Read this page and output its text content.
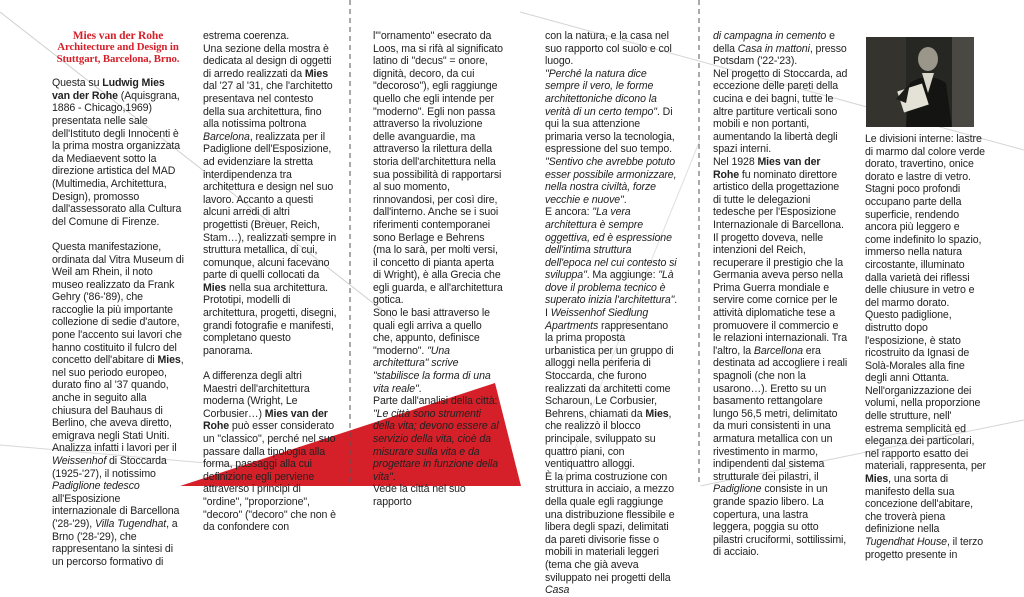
Mies van der Rohe
Architecture and Design in
Stuttgart, Barcelona, Brno.

Questa su Ludwig Mies van der Rohe (Aquisgrana, 1886 - Chicago,1969) presentata nelle sale dell'Istituto degli Innocenti è la prima mostra organizzata da Mediaevent sotto la direzione artistica del MAD (Multimedia, Architettura, Design), promosso dall'assessorato alla Cultura del Comune di Firenze.

Questa manifestazione, ordinata dal Vitra Museum di Weil am Rhein, il noto museo realizzato da Frank Gehry ('86-'89), che raccoglie la più importante collezione di sedie d'autore, pone l'accento sui lavori che hanno costituito il fulcro del concetto dell'abitare di Mies, nel suo periodo europeo, durato fino al '37 quando, anche in seguito alla chiusura del Bauhaus di Berlino, che aveva diretto, emigrava negli Stati Uniti. Analizza infatti i lavori per il Weissenhof di Stoccarda (1925-'27), il notissimo Padiglione tedesco all'Esposizione internazionale di Barcellona ('28-'29), Villa Tugendhat, a Brno ('28-'29), che rappresentano la sintesi di un percorso formativo di

estrema coerenza.

Una sezione della mostra è dedicata al design di oggetti di arredo realizzati da Mies dal '27 al '31, che l'architetto presentava nel contesto della sua architettura, fino alla notissima poltrona Barcelona, realizzata per il Padiglione dell'Esposizione, ad evidenziare la stretta interdipendenza tra architettura e design nel suo lavoro. Accanto a questi alcuni arredi di altri progettisti (Breuer, Reich, Stam…), realizzati sempre in struttura metallica, di cui, comunque, alcuni facevano parte di quelli collocati da Mies nella sua architettura.

Prototipi, modelli di architettura, progetti, disegni, grandi fotografie e manifesti, completano questo panorama.

A differenza degli altri Maestri dell'architettura moderna (Wright, Le Corbusier…) Mies van der Rohe può esser considerato un "classico", perché nel suo passare dalla tipologia alla forma, passaggi alla cui definizione egli perviene attraverso i principi di "ordine", "proporzione", "decoro" ("decoro" che non è da confondere con

l'"ornamento" esecrato da Loos, ma si rifà al significato latino di "decus" = onore, dignità, decoro, da cui "decoroso"), egli raggiunge quello che egli intende per "moderno". Egli non passa attraverso la rivoluzione delle avanguardie, ma attraverso la rilettura della storia dell'architettura nella sua possibilità di rapportarsi al suo momento, rinnovandosi, per così dire, dall'interno. Anche se i suoi riferimenti contemporanei sono Berlage e Behrens (ma lo sarà, per molti versi, il concetto di pianta aperta di Wright), è alla Grecia che egli guarda, e all'architettura gotica.

Sono le basi attraverso le quali egli arriva a quello che, appunto, definisce "moderno". "Una architettura" scrive "stabilisce la forma di una vita reale".

Parte dall'analisi della città: "Le città sono strumenti della vita; devono essere al servizio della vita, cioè da misurare sulla vita e da progettare in funzione della vita".

Vede la città nel suo rapporto

con la natura, e la casa nel suo rapporto col suolo e col luogo.

"Perché la natura dice sempre il vero, le forme architettoniche dicono la verità di un certo tempo". Di qui la sua attenzione primaria verso la tecnologia, espressione del suo tempo. "Sentivo che avrebbe potuto esser possibile armonizzare, nella nostra civiltà, forze vecchie e nuove".

E ancora: "La vera architettura è sempre oggettiva, ed è espressione dell'intima struttura dell'epoca nel cui contesto si sviluppa". Ma aggiunge: "Là dove il problema tecnico è superato inizia l'architettura".

I Weissenhof Siedlung Apartments rappresentano la prima proposta urbanistica per un gruppo di alloggi nella periferia di Stoccarda, che furono realizzati da architetti come Scharoun, Le Corbusier, Behrens, chiamati da Mies, che realizzò il blocco principale, sviluppato su quattro piani, con ventiquattro alloggi.

È la prima costruzione con struttura in acciaio, a mezzo della quale egli raggiunge una distribuzione flessibile e libera degli spazi, delimitati da pareti divisorie fisse o mobili in materiali leggeri (tema che già aveva sviluppato nei progetti della Casa

di campagna in cemento e della Casa in mattoni, presso Potsdam ('22-'23).

Nel progetto di Stoccarda, ad eccezione delle pareti della cucina e dei bagni, tutte le altre partiture verticali sono mobili e non portanti, aumentando la libertà degli spazi interni.

Nel 1928 Mies van der Rohe fu nominato direttore artistico della progettazione di tutte le delegazioni tedesche per l'Esposizione Internazionale di Barcellona. Il progetto doveva, nelle intenzioni del Reich, recuperare il prestigio che la Germania aveva perso nella Prima Guerra mondiale e servire come cornice per le attività diplomatiche tese a promuovere il commercio e le relazioni internazionali. Tra l'altro, la Barcellona era destinata ad accogliere i reali spagnoli (che non la usarono…). Eretto su un basamento rettangolare lungo 56,5 metri, delimitato da muri consistenti in una armatura metallica con un rivestimento in marmo, indipendenti dal sistema strutturale dei pilastri, il Padiglione consiste in un grande spazio libero. La copertura, una lastra leggera, poggia su otto pilastri cruciformi, sottilissimi, di acciaio.

Le divisioni interne: lastre di marmo dal colore verde dorato, travertino, onice dorato e lastre di vetro.

Stagni poco profondi occupano parte della superficie, rendendo ancora più leggero e come indefinito lo spazio, immerso nella natura circostante, illuminato dalla varietà dei riflessi delle chiusure in vetro e del marmo dorato.

Questo padiglione, distrutto dopo l'esposizione, è stato ricostruito da Ignasi de Solà-Morales alla fine degli anni Ottanta.

Nell'organizzazione dei volumi, nella proporzione delle strutture, nell' estrema semplicità ed eleganza dei particolari, nel rapporto esatto dei materiali, rappresenta, per Mies, una sorta di manifesto della sua concezione dell'abitare, che troverà piena definizione nella Tugendhat House, il terzo progetto presente in
